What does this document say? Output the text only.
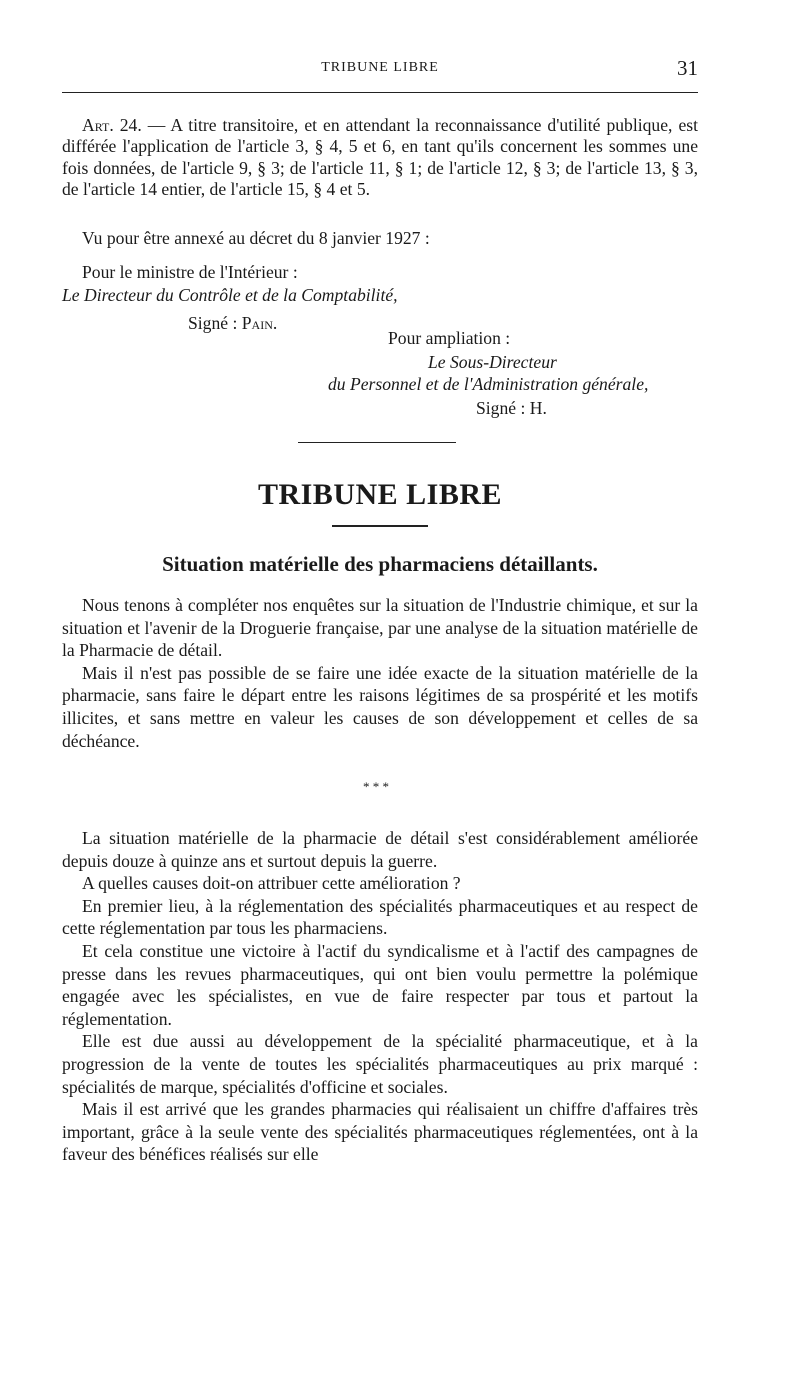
TRIBUNE LIBRE	31

Art. 24. — A titre transitoire, et en attendant la reconnaissance d'utilité publique, est différée l'application de l'article 3, § 4, 5 et 6, en tant qu'ils concernent les sommes une fois données, de l'article 9, § 3; de l'article 11, § 1; de l'article 12, § 3; de l'article 13, § 3, de l'article 14 entier, de l'article 15, § 4 et 5.

Vu pour être annexé au décret du 8 janvier 1927 :
Pour le ministre de l'Intérieur :
Le Directeur du Contrôle et de la Comptabilité,
Signé : Pain.
Pour ampliation :
Le Sous-Directeur
du Personnel et de l'Administration générale,
Signé : H.
TRIBUNE LIBRE
Situation matérielle des pharmaciens détaillants.

Nous tenons à compléter nos enquêtes sur la situation de l'Industrie chimique, et sur la situation et l'avenir de la Droguerie française, par une analyse de la situation matérielle de la Pharmacie de détail.

Mais il n'est pas possible de se faire une idée exacte de la situation matérielle de la pharmacie, sans faire le départ entre les raisons légitimes de sa prospérité et les motifs illicites, et sans mettre en valeur les causes de son développement et celles de sa déchéance.

* * *

La situation matérielle de la pharmacie de détail s'est considérablement améliorée depuis douze à quinze ans et surtout depuis la guerre.

A quelles causes doit-on attribuer cette amélioration ?

En premier lieu, à la réglementation des spécialités pharmaceutiques et au respect de cette réglementation par tous les pharmaciens.

Et cela constitue une victoire à l'actif du syndicalisme et à l'actif des campagnes de presse dans les revues pharmaceutiques, qui ont bien voulu permettre la polémique engagée avec les spécialistes, en vue de faire respecter par tous et partout la réglementation.

Elle est due aussi au développement de la spécialité pharmaceutique, et à la progression de la vente de toutes les spécialités pharmaceutiques au prix marqué : spécialités de marque, spécialités d'officine et sociales.

Mais il est arrivé que les grandes pharmacies qui réalisaient un chiffre d'affaires très important, grâce à la seule vente des spécialités pharmaceutiques réglementées, ont à la faveur des bénéfices réalisés sur elle
